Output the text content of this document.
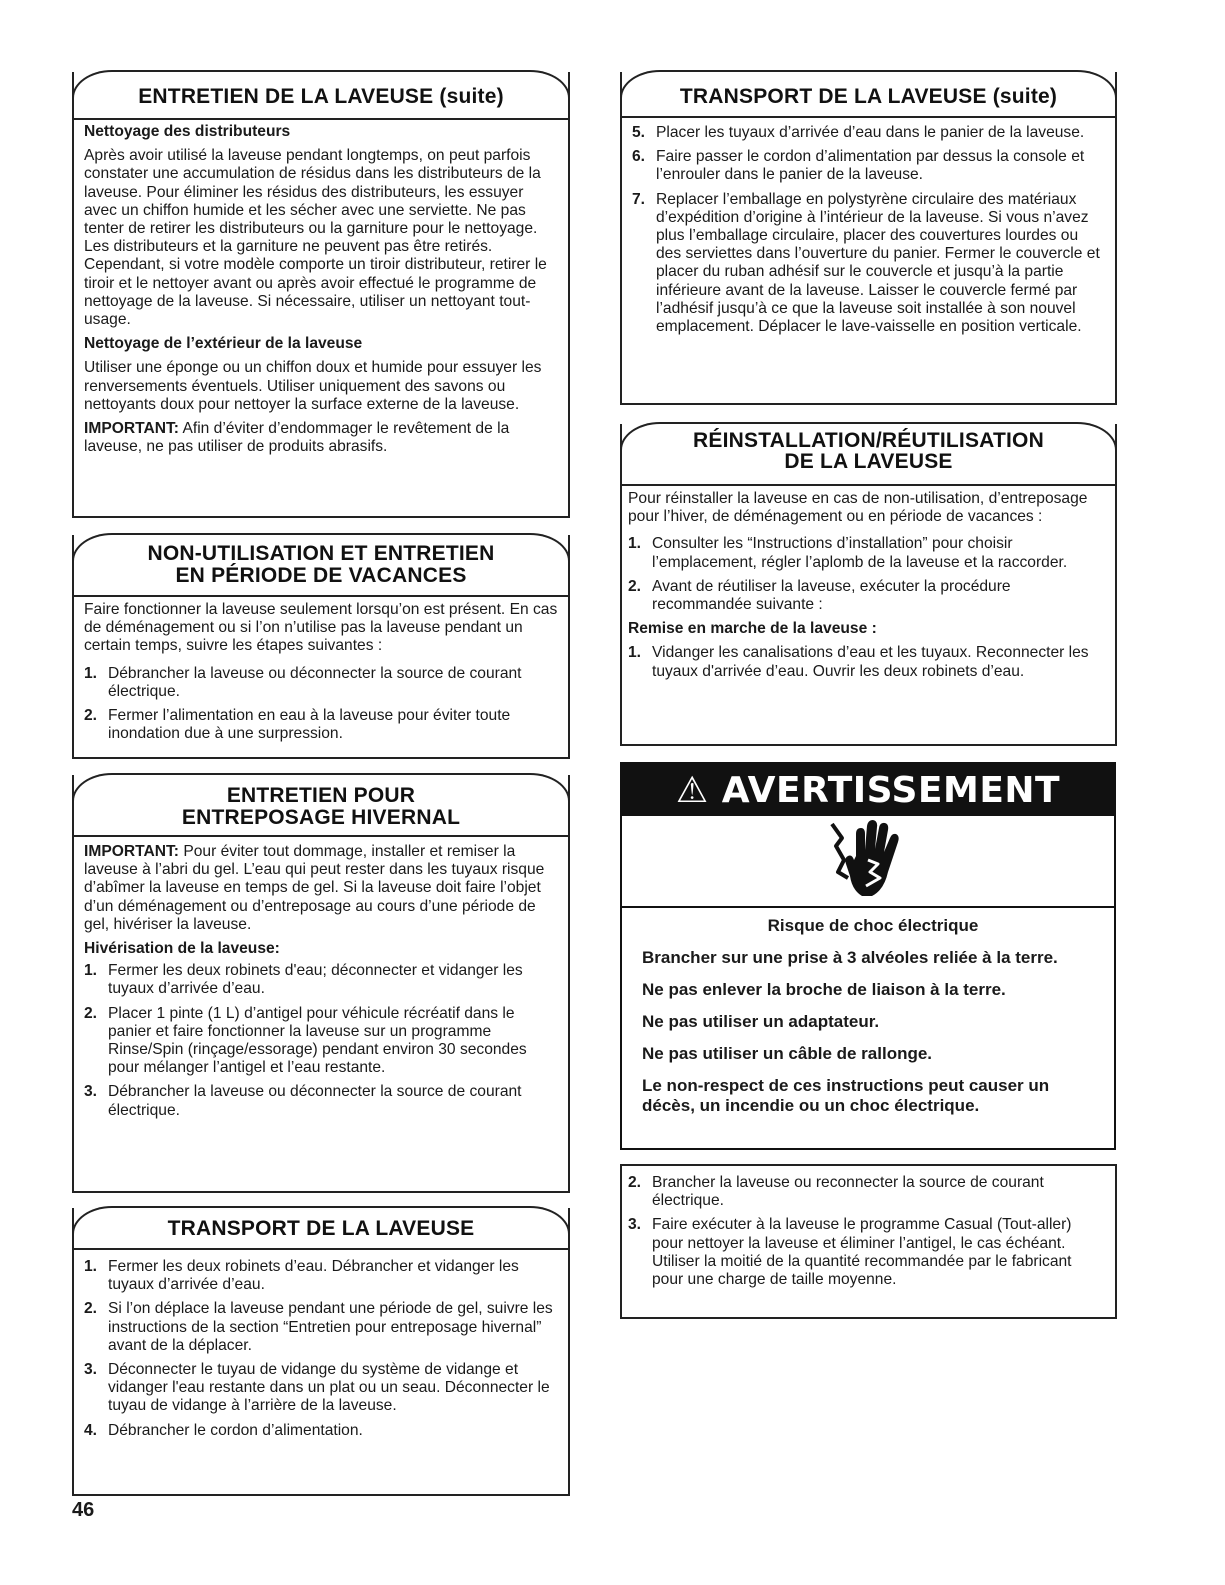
ENTRETIEN DE LA LAVEUSE (suite)

Nettoyage des distributeurs

Après avoir utilisé la laveuse pendant longtemps, on peut parfois constater une accumulation de résidus dans les distributeurs de la laveuse. Pour éliminer les résidus des distributeurs, les essuyer avec un chiffon humide et les sécher avec une serviette. Ne pas tenter de retirer les distributeurs ou la garniture pour le nettoyage. Les distributeurs et la garniture ne peuvent pas être retirés. Cependant, si votre modèle comporte un tiroir distributeur, retirer le tiroir et le nettoyer avant ou après avoir effectué le programme de nettoyage de la laveuse. Si nécessaire, utiliser un nettoyant tout-usage.

Nettoyage de l’extérieur de la laveuse

Utiliser une éponge ou un chiffon doux et humide pour essuyer les renversements éventuels. Utiliser uniquement des savons ou nettoyants doux pour nettoyer la surface externe de la laveuse.

IMPORTANT: Afin d’éviter d’endommager le revêtement de la laveuse, ne pas utiliser de produits abrasifs.

NON-UTILISATION ET ENTRETIEN
EN PÉRIODE DE VACANCES

Faire fonctionner la laveuse seulement lorsqu’on est présent. En cas de déménagement ou si l’on n’utilise pas la laveuse pendant un certain temps, suivre les étapes suivantes :

1. Débrancher la laveuse ou déconnecter la source de courant électrique.
2. Fermer l’alimentation en eau à la laveuse pour éviter toute inondation due à une surpression.
ENTRETIEN POUR
ENTREPOSAGE HIVERNAL

IMPORTANT: Pour éviter tout dommage, installer et remiser la laveuse à l’abri du gel. L’eau qui peut rester dans les tuyaux risque d’abîmer la laveuse en temps de gel. Si la laveuse doit faire l’objet d’un déménagement ou d’entreposage au cours d’une période de gel, hivériser la laveuse.

Hivérisation de la laveuse:

1. Fermer les deux robinets d'eau; déconnecter et vidanger les tuyaux d’arrivée d’eau.
2. Placer 1 pinte (1 L) d’antigel pour véhicule récréatif dans le panier et faire fonctionner la laveuse sur un programme Rinse/Spin (rinçage/essorage) pendant environ 30 secondes pour mélanger l’antigel et l’eau restante.
3. Débrancher la laveuse ou déconnecter la source de courant électrique.
TRANSPORT DE LA LAVEUSE
1. Fermer les deux robinets d’eau. Débrancher et vidanger les tuyaux d’arrivée d’eau.
2. Si l’on déplace la laveuse pendant une période de gel, suivre les instructions de la section “Entretien pour entreposage hivernal” avant de la déplacer.
3. Déconnecter le tuyau de vidange du système de vidange et vidanger l'eau restante dans un plat ou un seau. Déconnecter le tuyau de vidange à l’arrière de la laveuse.
4. Débrancher le cordon d’alimentation.
TRANSPORT DE LA LAVEUSE (suite)
5. Placer les tuyaux d’arrivée d’eau dans le panier de la laveuse.
6. Faire passer le cordon d’alimentation par dessus la console et l’enrouler dans le panier de la laveuse.
7. Replacer l’emballage en polystyrène circulaire des matériaux d’expédition d’origine à l’intérieur de la laveuse. Si vous n’avez plus l’emballage circulaire, placer des couvertures lourdes ou des serviettes dans l’ouverture du panier. Fermer le couvercle et placer du ruban adhésif sur le couvercle et jusqu’à la partie inférieure avant de la laveuse. Laisser le couvercle fermé par l’adhésif jusqu’à ce que la laveuse soit installée à son nouvel emplacement. Déplacer le lave-vaisselle en position verticale.
RÉINSTALLATION/RÉUTILISATION
DE LA LAVEUSE

Pour réinstaller la laveuse en cas de non-utilisation, d’entreposage pour l’hiver, de déménagement ou en période de vacances :

1. Consulter les “Instructions d’installation” pour choisir l’emplacement, régler l’aplomb de la laveuse et la raccorder.
2. Avant de réutiliser la laveuse, exécuter la procédure recommandée suivante :

Remise en marche de la laveuse :

1. Vidanger les canalisations d’eau et les tuyaux. Reconnecter les tuyaux d'arrivée d’eau. Ouvrir les deux robinets d’eau.
⚠ AVERTISSEMENT
Risque de choc électrique
Brancher sur une prise à 3 alvéoles reliée à la terre.
Ne pas enlever la broche de liaison à la terre.
Ne pas utiliser un adaptateur.
Ne pas utiliser un câble de rallonge.
Le non-respect de ces instructions peut causer un décès, un incendie ou un choc électrique.
2. Brancher la laveuse ou reconnecter la source de courant électrique.
3. Faire exécuter à la laveuse le programme Casual (Tout-aller) pour nettoyer la laveuse et éliminer l’antigel, le cas échéant. Utiliser la moitié de la quantité recommandée par le fabricant pour une charge de taille moyenne.
46
